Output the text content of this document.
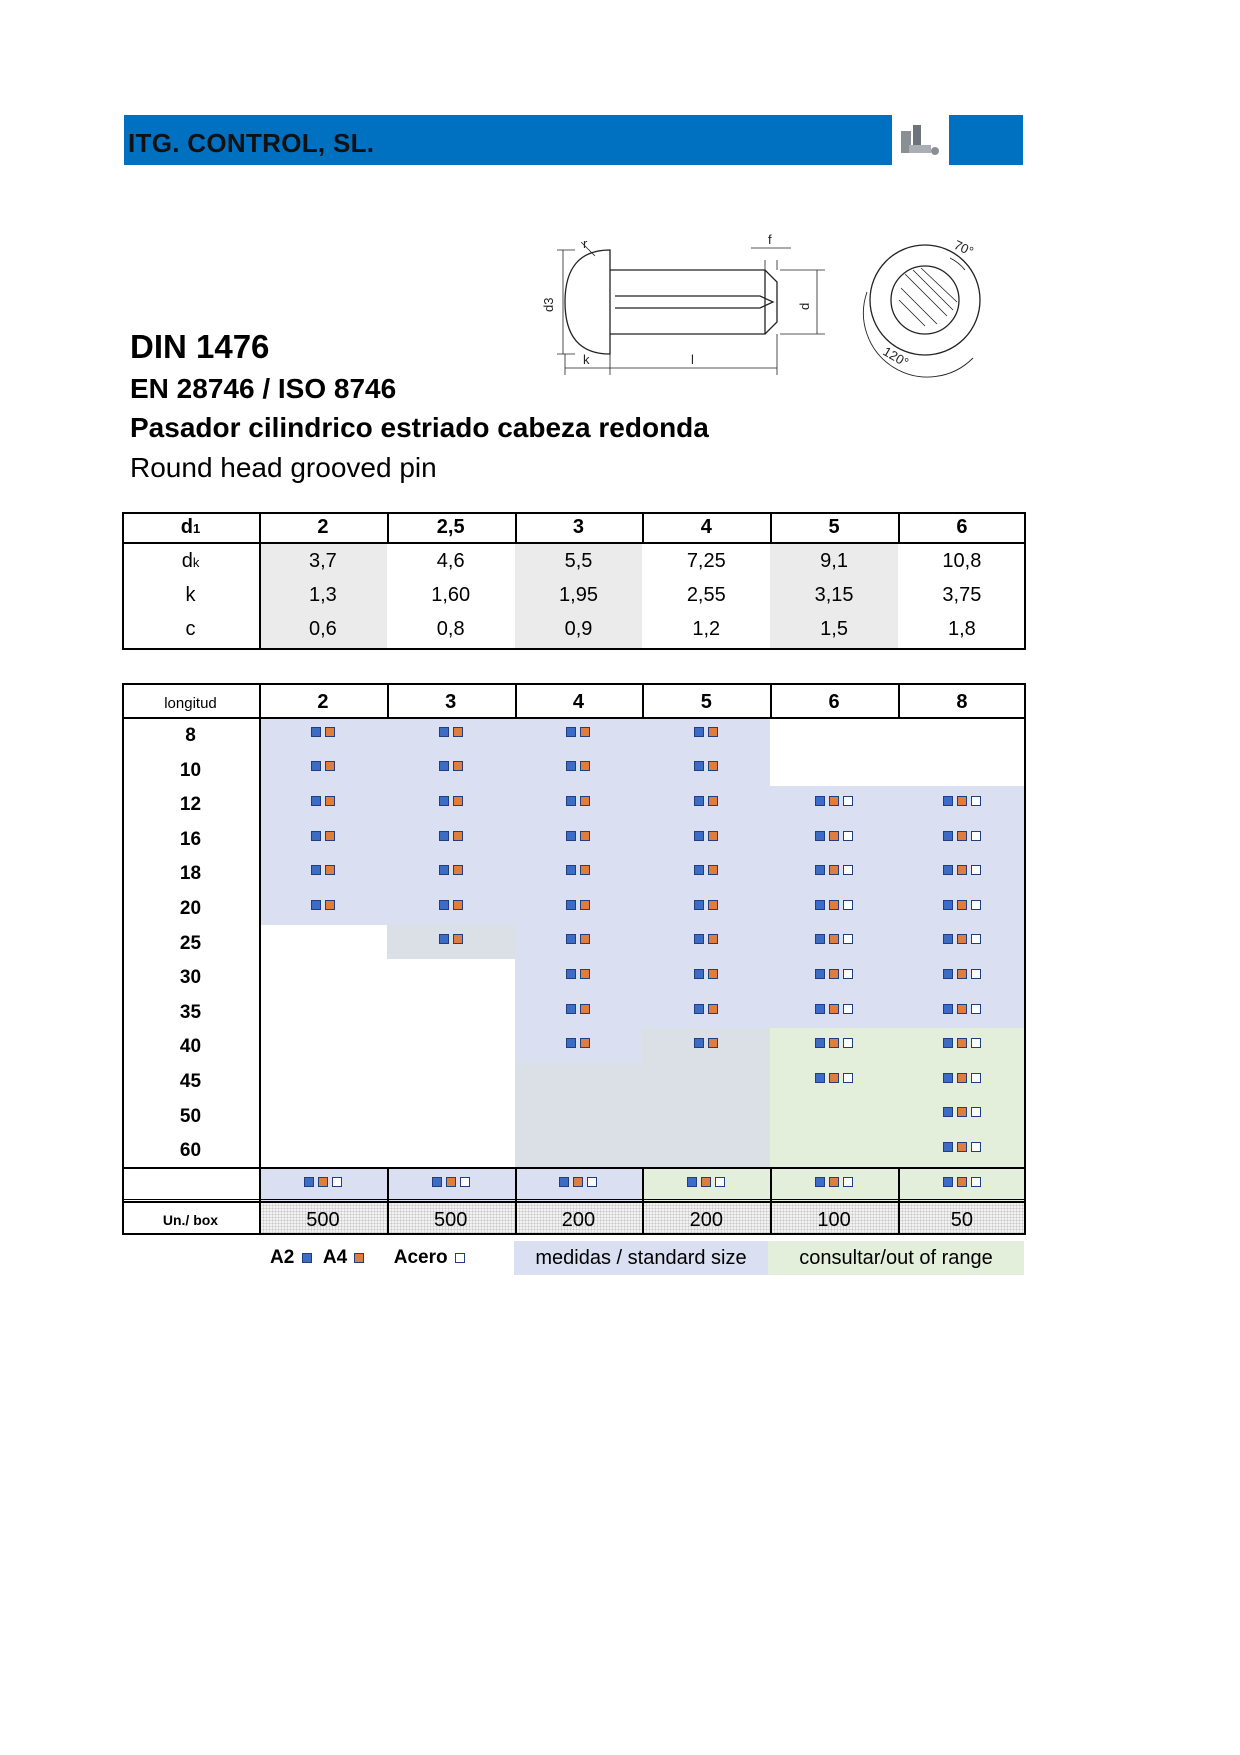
ITG. CONTROL, SL.
DIN 1476
EN 28746 / ISO 8746
Pasador cilindrico estriado cabeza redonda
Round head grooved pin
d3
r	f
d
k	l
70°
120°
d1	2	2,5	3	4	5	6
dk	3,7	4,6	5,5	7,25	9,1	10,8
k	1,3	1,60	1,95	2,55	3,15	3,75
c	0,6	0,8	0,9	1,2	1,5	1,8
longitud	2	3	4	5	6	8
8
10
12
16
18
20
25
30
35
40
45
50
60
Un./ box	500	500	200	200	100	50
A2 A4 Acero	medidas / standard size	consultar/out of range
